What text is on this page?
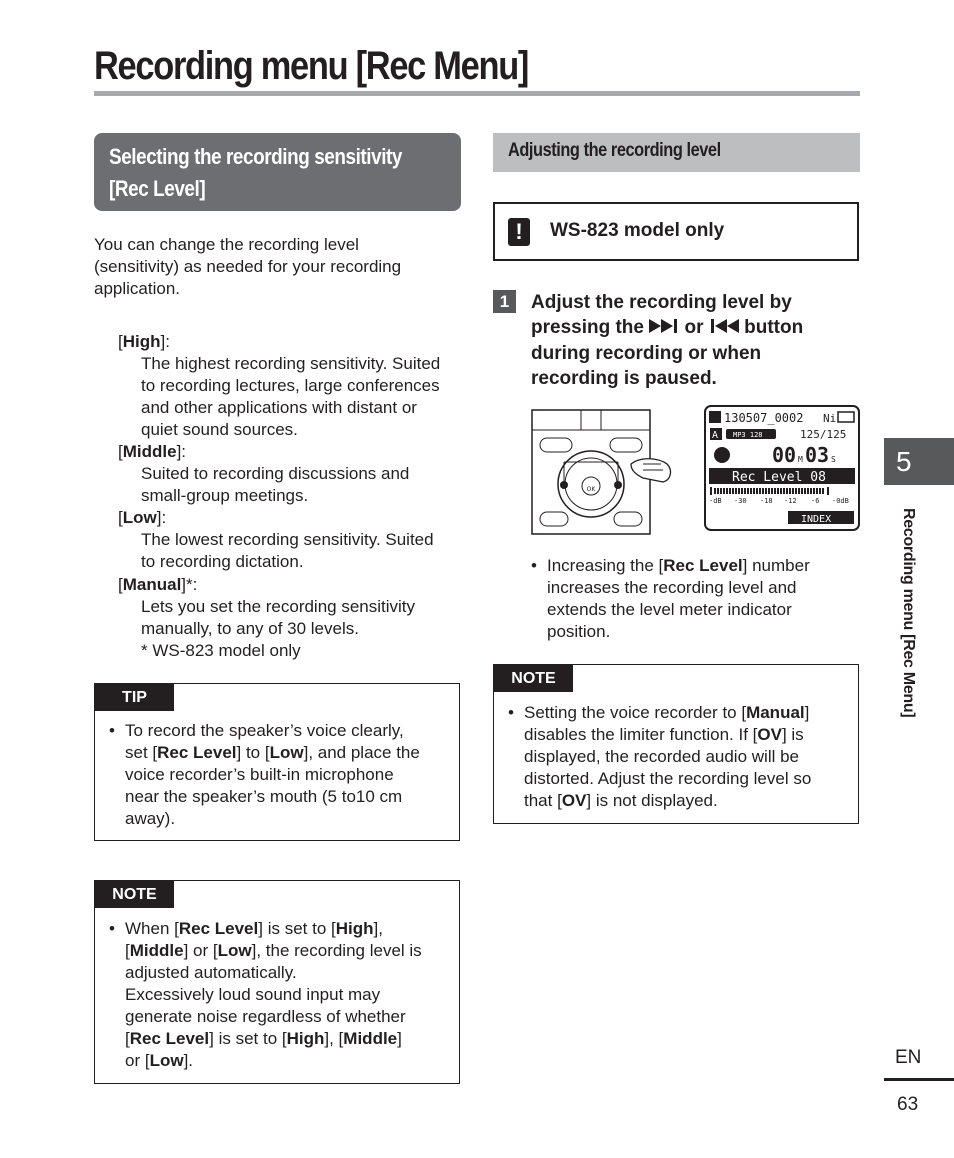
Recording menu [Rec Menu]
Selecting the recording sensitivity
[Rec Level]
You can change the recording level
(sensitivity) as needed for your recording
application.
[High]:
The highest recording sensitivity. Suited
to recording lectures, large conferences
and other applications with distant or
quiet sound sources.
[Middle]:
Suited to recording discussions and
small-group meetings.
[Low]:
The lowest recording sensitivity. Suited
to recording dictation.
[Manual]*:
Lets you set the recording sensitivity
manually, to any of 30 levels.
* WS-823 model only
TIP
• To record the speaker’s voice clearly,
set [Rec Level] to [Low], and place the
voice recorder’s built-in microphone
near the speaker’s mouth (5 to10 cm
away).
NOTE
• When [Rec Level] is set to [High],
[Middle] or [Low], the recording level is
adjusted automatically.
Excessively loud sound input may
generate noise regardless of whether
[Rec Level] is set to [High], [Middle]
or [Low].
Adjusting the recording level
!	WS-823 model only
1	Adjust the recording level by
pressing the or button
during recording or when
recording is paused.
OK
130507_0002 Ni
A MP3 128	125/125
00 M 03 S
Rec Level 08
-dB -30 -18 -12 -6 -0dB
INDEX
• Increasing the [Rec Level] number
increases the recording level and
extends the level meter indicator
position.
NOTE
• Setting the voice recorder to [Manual]
disables the limiter function. If [OV] is
displayed, the recorded audio will be
distorted. Adjust the recording level so
that [OV] is not displayed.
5
Recording menu [Rec Menu]
EN
63
